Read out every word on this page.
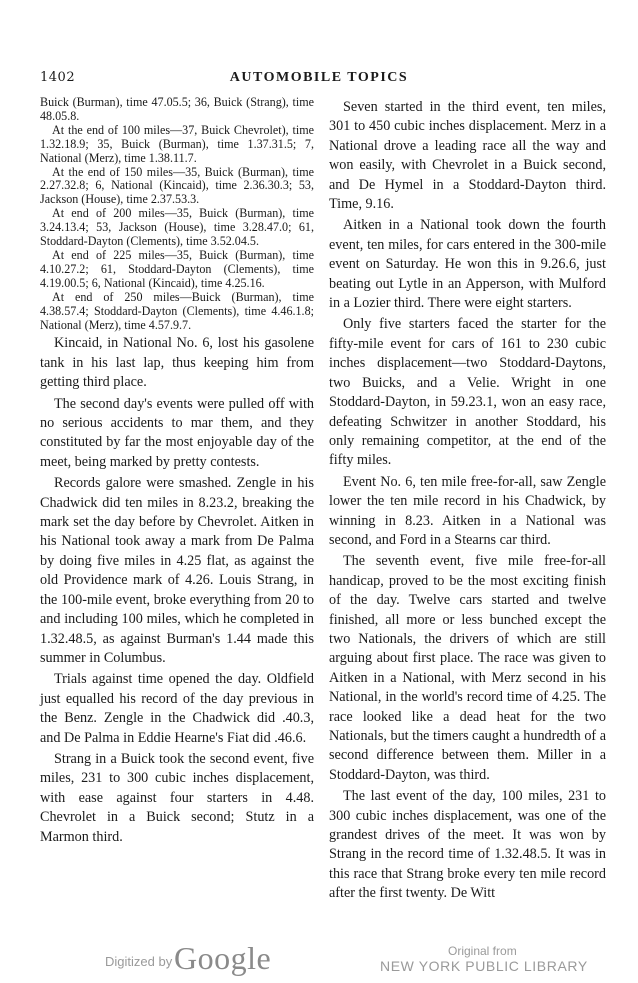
1402	AUTOMOBILE TOPICS

Buick (Burman), time 47.05.5; 36, Buick (Strang), time 48.05.8.

At the end of 100 miles—37, Buick Chevrolet), time 1.32.18.9; 35, Buick (Burman), time 1.37.31.5; 7, National (Merz), time 1.38.11.7.

At the end of 150 miles—35, Buick (Burman), time 2.27.32.8; 6, National (Kincaid), time 2.36.30.3; 53, Jackson (House), time 2.37.53.3.

At end of 200 miles—35, Buick (Burman), time 3.24.13.4; 53, Jackson (House), time 3.28.47.0; 61, Stoddard-Dayton (Clements), time 3.52.04.5.

At end of 225 miles—35, Buick (Burman), time 4.10.27.2; 61, Stoddard-Dayton (Clements), time 4.19.00.5; 6, National (Kincaid), time 4.25.16.

At end of 250 miles—Buick (Burman), time 4.38.57.4; Stoddard-Dayton (Clements), time 4.46.1.8; National (Merz), time 4.57.9.7.

Kincaid, in National No. 6, lost his gasolene tank in his last lap, thus keeping him from getting third place.

The second day's events were pulled off with no serious accidents to mar them, and they constituted by far the most enjoyable day of the meet, being marked by pretty contests.

Records galore were smashed. Zengle in his Chadwick did ten miles in 8.23.2, breaking the mark set the day before by Chevrolet. Aitken in his National took away a mark from De Palma by doing five miles in 4.25 flat, as against the old Providence mark of 4.26. Louis Strang, in the 100-mile event, broke everything from 20 to and including 100 miles, which he completed in 1.32.48.5, as against Burman's 1.44 made this summer in Columbus.

Trials against time opened the day. Oldfield just equalled his record of the day previous in the Benz. Zengle in the Chadwick did .40.3, and De Palma in Eddie Hearne's Fiat did .46.6.

Strang in a Buick took the second event, five miles, 231 to 300 cubic inches displacement, with ease against four starters in 4.48. Chevrolet in a Buick second; Stutz in a Marmon third.

Seven started in the third event, ten miles, 301 to 450 cubic inches displacement. Merz in a National drove a leading race all the way and won easily, with Chevrolet in a Buick second, and De Hymel in a Stoddard-Dayton third. Time, 9.16.

Aitken in a National took down the fourth event, ten miles, for cars entered in the 300-mile event on Saturday. He won this in 9.26.6, just beating out Lytle in an Apperson, with Mulford in a Lozier third. There were eight starters.

Only five starters faced the starter for the fifty-mile event for cars of 161 to 230 cubic inches displacement—two Stoddard-Daytons, two Buicks, and a Velie. Wright in one Stoddard-Dayton, in 59.23.1, won an easy race, defeating Schwitzer in another Stoddard, his only remaining competitor, at the end of the fifty miles.

Event No. 6, ten mile free-for-all, saw Zengle lower the ten mile record in his Chadwick, by winning in 8.23. Aitken in a National was second, and Ford in a Stearns car third.

The seventh event, five mile free-for-all handicap, proved to be the most exciting finish of the day. Twelve cars started and twelve finished, all more or less bunched except the two Nationals, the drivers of which are still arguing about first place. The race was given to Aitken in a National, with Merz second in his National, in the world's record time of 4.25. The race looked like a dead heat for the two Nationals, but the timers caught a hundredth of a second difference between them. Miller in a Stoddard-Dayton, was third.

The last event of the day, 100 miles, 231 to 300 cubic inches displacement, was one of the grandest drives of the meet. It was won by Strang in the record time of 1.32.48.5. It was in this race that Strang broke every ten mile record after the first twenty. De Witt

Digitized by Google	Original from
NEW YORK PUBLIC LIBRARY
